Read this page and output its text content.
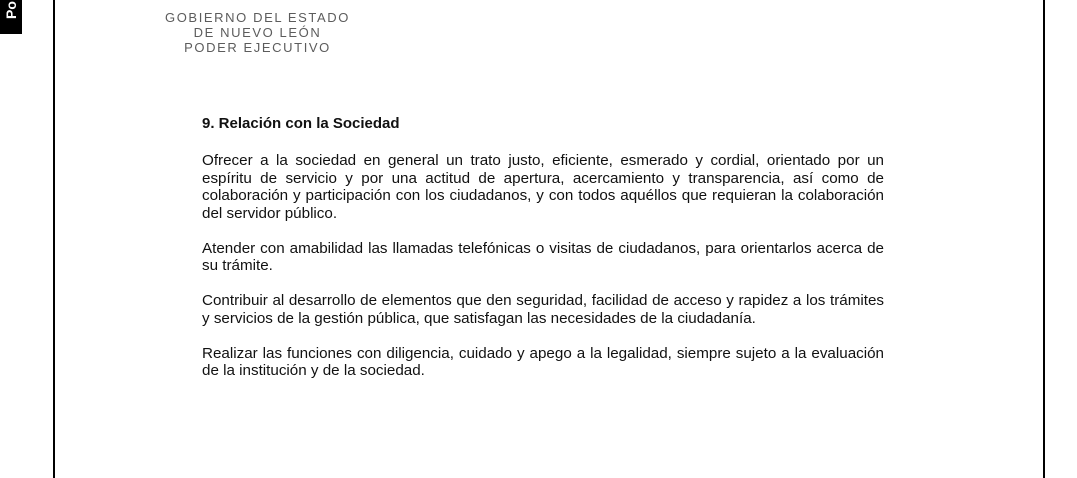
Po	GOBIERNO DEL ESTADO
DE NUEVO LEÓN
PODER EJECUTIVO
9. Relación con la Sociedad

Ofrecer a la sociedad en general un trato justo, eficiente, esmerado y cordial, orientado por un espíritu de servicio y por una actitud de apertura, acercamiento y transparencia, así como de colaboración y participación con los ciudadanos, y con todos aquéllos que requieran la colaboración del servidor público.

Atender con amabilidad las llamadas telefónicas o visitas de ciudadanos, para orientarlos acerca de su trámite.

Contribuir al desarrollo de elementos que den seguridad, facilidad de acceso y rapidez a los trámites y servicios de la gestión pública, que satisfagan las necesidades de la ciudadanía.

Realizar las funciones con diligencia, cuidado y apego a la legalidad, siempre sujeto a la evaluación de la institución y de la sociedad.
